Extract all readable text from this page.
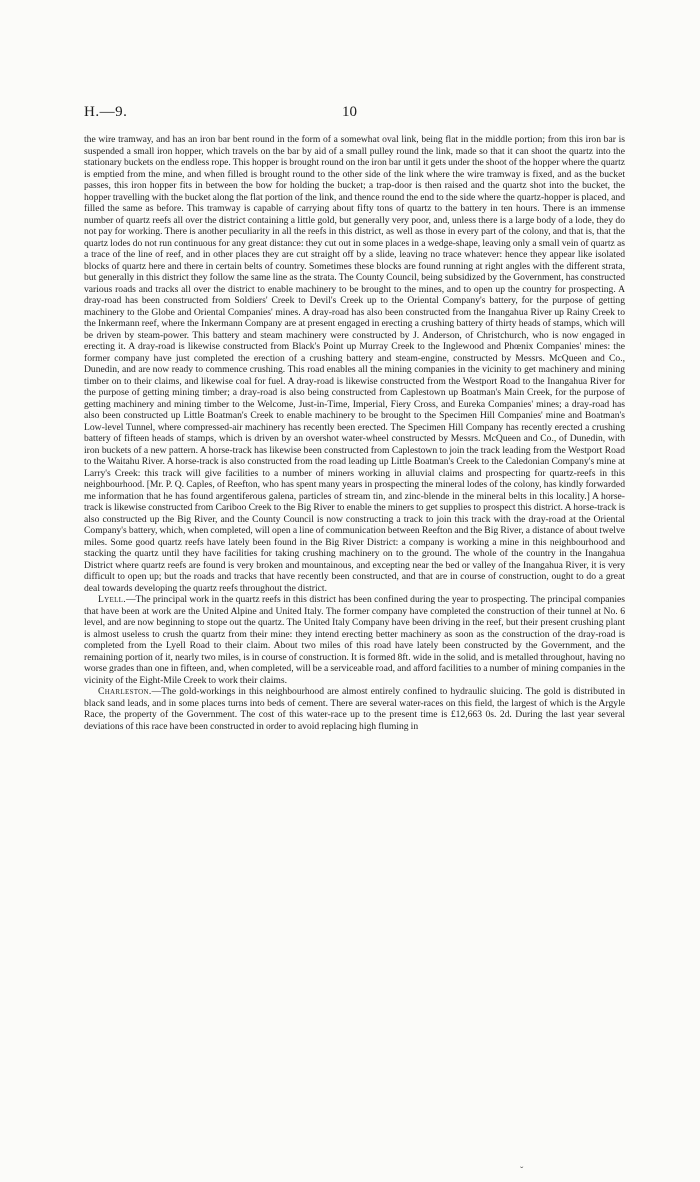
H.—9.	10

the wire tramway, and has an iron bar bent round in the form of a somewhat oval link, being flat in the middle portion; from this iron bar is suspended a small iron hopper, which travels on the bar by aid of a small pulley round the link, made so that it can shoot the quartz into the stationary buckets on the endless rope. This hopper is brought round on the iron bar until it gets under the shoot of the hopper where the quartz is emptied from the mine, and when filled is brought round to the other side of the link where the wire tramway is fixed, and as the bucket passes, this iron hopper fits in between the bow for holding the bucket; a trap-door is then raised and the quartz shot into the bucket, the hopper travelling with the bucket along the flat portion of the link, and thence round the end to the side where the quartz-hopper is placed, and filled the same as before. This tramway is capable of carrying about fifty tons of quartz to the battery in ten hours. There is an immense number of quartz reefs all over the district containing a little gold, but generally very poor, and, unless there is a large body of a lode, they do not pay for working. There is another peculiarity in all the reefs in this district, as well as those in every part of the colony, and that is, that the quartz lodes do not run continuous for any great distance: they cut out in some places in a wedge-shape, leaving only a small vein of quartz as a trace of the line of reef, and in other places they are cut straight off by a slide, leaving no trace whatever: hence they appear like isolated blocks of quartz here and there in certain belts of country. Sometimes these blocks are found running at right angles with the different strata, but generally in this district they follow the same line as the strata. The County Council, being subsidized by the Government, has constructed various roads and tracks all over the district to enable machinery to be brought to the mines, and to open up the country for prospecting. A dray-road has been constructed from Soldiers' Creek to Devil's Creek up to the Oriental Company's battery, for the purpose of getting machinery to the Globe and Oriental Companies' mines. A dray-road has also been constructed from the Inangahua River up Rainy Creek to the Inkermann reef, where the Inkermann Company are at present engaged in erecting a crushing battery of thirty heads of stamps, which will be driven by steam-power. This battery and steam machinery were constructed by J. Anderson, of Christchurch, who is now engaged in erecting it. A dray-road is likewise constructed from Black's Point up Murray Creek to the Inglewood and Phœnix Companies' mines: the former company have just completed the erection of a crushing battery and steam-engine, constructed by Messrs. McQueen and Co., Dunedin, and are now ready to commence crushing. This road enables all the mining companies in the vicinity to get machinery and mining timber on to their claims, and likewise coal for fuel. A dray-road is likewise constructed from the Westport Road to the Inangahua River for the purpose of getting mining timber; a dray-road is also being constructed from Caplestown up Boatman's Main Creek, for the purpose of getting machinery and mining timber to the Welcome, Just-in-Time, Imperial, Fiery Cross, and Eureka Companies' mines; a dray-road has also been constructed up Little Boatman's Creek to enable machinery to be brought to the Specimen Hill Companies' mine and Boatman's Low-level Tunnel, where compressed-air machinery has recently been erected. The Specimen Hill Company has recently erected a crushing battery of fifteen heads of stamps, which is driven by an overshot water-wheel constructed by Messrs. McQueen and Co., of Dunedin, with iron buckets of a new pattern. A horse-track has likewise been constructed from Caplestown to join the track leading from the Westport Road to the Waitahu River. A horse-track is also constructed from the road leading up Little Boatman's Creek to the Caledonian Company's mine at Larry's Creek: this track will give facilities to a number of miners working in alluvial claims and prospecting for quartz-reefs in this neighbourhood. [Mr. P. Q. Caples, of Reefton, who has spent many years in prospecting the mineral lodes of the colony, has kindly forwarded me information that he has found argentiferous galena, particles of stream tin, and zinc-blende in the mineral belts in this locality.] A horse-track is likewise constructed from Cariboo Creek to the Big River to enable the miners to get supplies to prospect this district. A horse-track is also constructed up the Big River, and the County Council is now constructing a track to join this track with the dray-road at the Oriental Company's battery, which, when completed, will open a line of communication between Reefton and the Big River, a distance of about twelve miles. Some good quartz reefs have lately been found in the Big River District: a company is working a mine in this neighbourhood and stacking the quartz until they have facilities for taking crushing machinery on to the ground. The whole of the country in the Inangahua District where quartz reefs are found is very broken and mountainous, and excepting near the bed or valley of the Inangahua River, it is very difficult to open up; but the roads and tracks that have recently been constructed, and that are in course of construction, ought to do a great deal towards developing the quartz reefs throughout the district.

Lyell.—The principal work in the quartz reefs in this district has been confined during the year to prospecting. The principal companies that have been at work are the United Alpine and United Italy. The former company have completed the construction of their tunnel at No. 6 level, and are now beginning to stope out the quartz. The United Italy Company have been driving in the reef, but their present crushing plant is almost useless to crush the quartz from their mine: they intend erecting better machinery as soon as the construction of the dray-road is completed from the Lyell Road to their claim. About two miles of this road have lately been constructed by the Government, and the remaining portion of it, nearly two miles, is in course of construction. It is formed 8ft. wide in the solid, and is metalled throughout, having no worse grades than one in fifteen, and, when completed, will be a serviceable road, and afford facilities to a number of mining companies in the vicinity of the Eight-Mile Creek to work their claims.

Charleston.—The gold-workings in this neighbourhood are almost entirely confined to hydraulic sluicing. The gold is distributed in black sand leads, and in some places turns into beds of cement. There are several water-races on this field, the largest of which is the Argyle Race, the property of the Government. The cost of this water-race up to the present time is £12,663 0s. 2d. During the last year several deviations of this race have been constructed in order to avoid replacing high fluming in

ˇ
